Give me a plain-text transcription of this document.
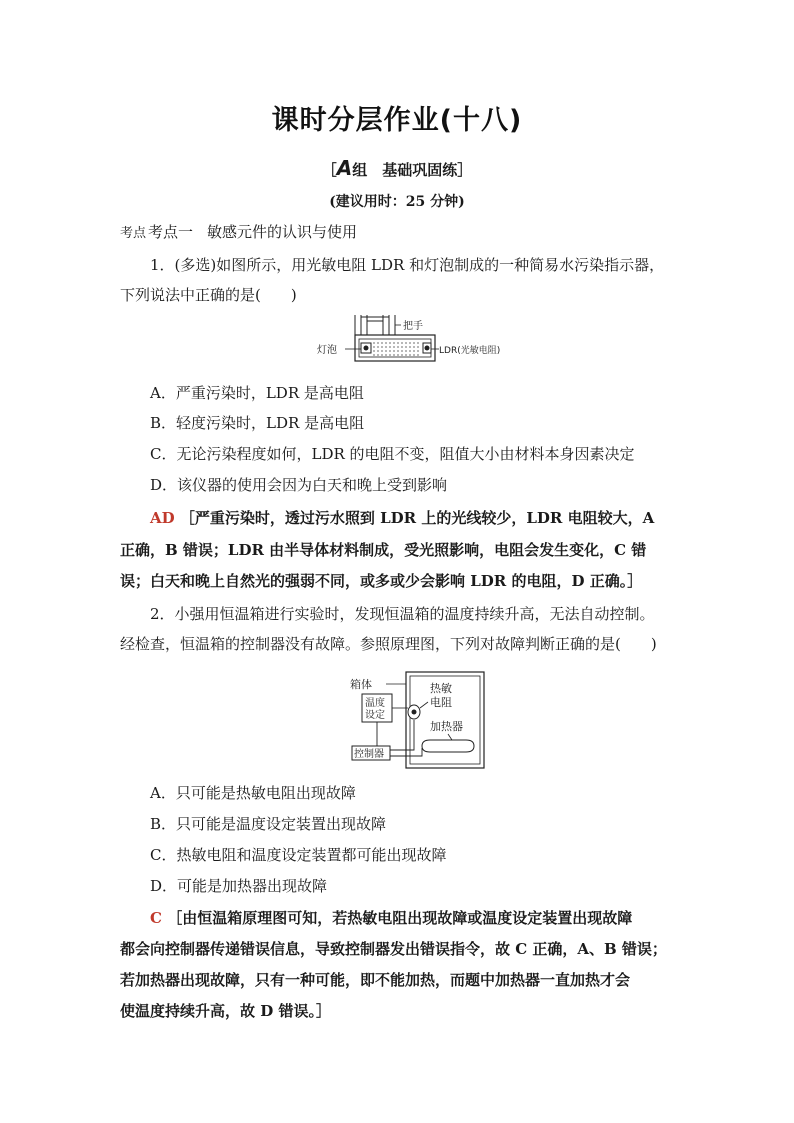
课时分层作业(十八)
［A组　 基础巩固练］
(建议用时：25 分钟)
考点 考点一 敏感元件的认识与使用
1．(多选)如图所示，用光敏电阻 LDR 和灯泡制成的一种简易水污染指示器，
下列说法中正确的是(　　)
把手
灯泡	LDR(光敏电阻)
A．严重污染时，LDR 是高电阻
B．轻度污染时，LDR 是高电阻
C．无论污染程度如何，LDR 的电阻不变，阻值大小由材料本身因素决定
D．该仪器的使用会因为白天和晚上受到影响
AD ［严重污染时，透过污水照到 LDR 上的光线较少，LDR 电阻较大，A
正确，B 错误；LDR 由半导体材料制成，受光照影响，电阻会发生变化，C 错
误；白天和晚上自然光的强弱不同，或多或少会影响 LDR 的电阻，D 正确。］
2．小强用恒温箱进行实验时，发现恒温箱的温度持续升高，无法自动控制。
经检查，恒温箱的控制器没有故障。参照原理图，下列对故障判断正确的是(　　)
箱体
温度
设定
热敏
电阻
加热器
控制器
A．只可能是热敏电阻出现故障
B．只可能是温度设定装置出现故障
C．热敏电阻和温度设定装置都可能出现故障
D．可能是加热器出现故障
C ［由恒温箱原理图可知，若热敏电阻出现故障或温度设定装置出现故障
都会向控制器传递错误信息，导致控制器发出错误指令，故 C 正确，A、B 错误；
若加热器出现故障，只有一种可能，即不能加热，而题中加热器一直加热才会
使温度持续升高，故 D 错误。］
